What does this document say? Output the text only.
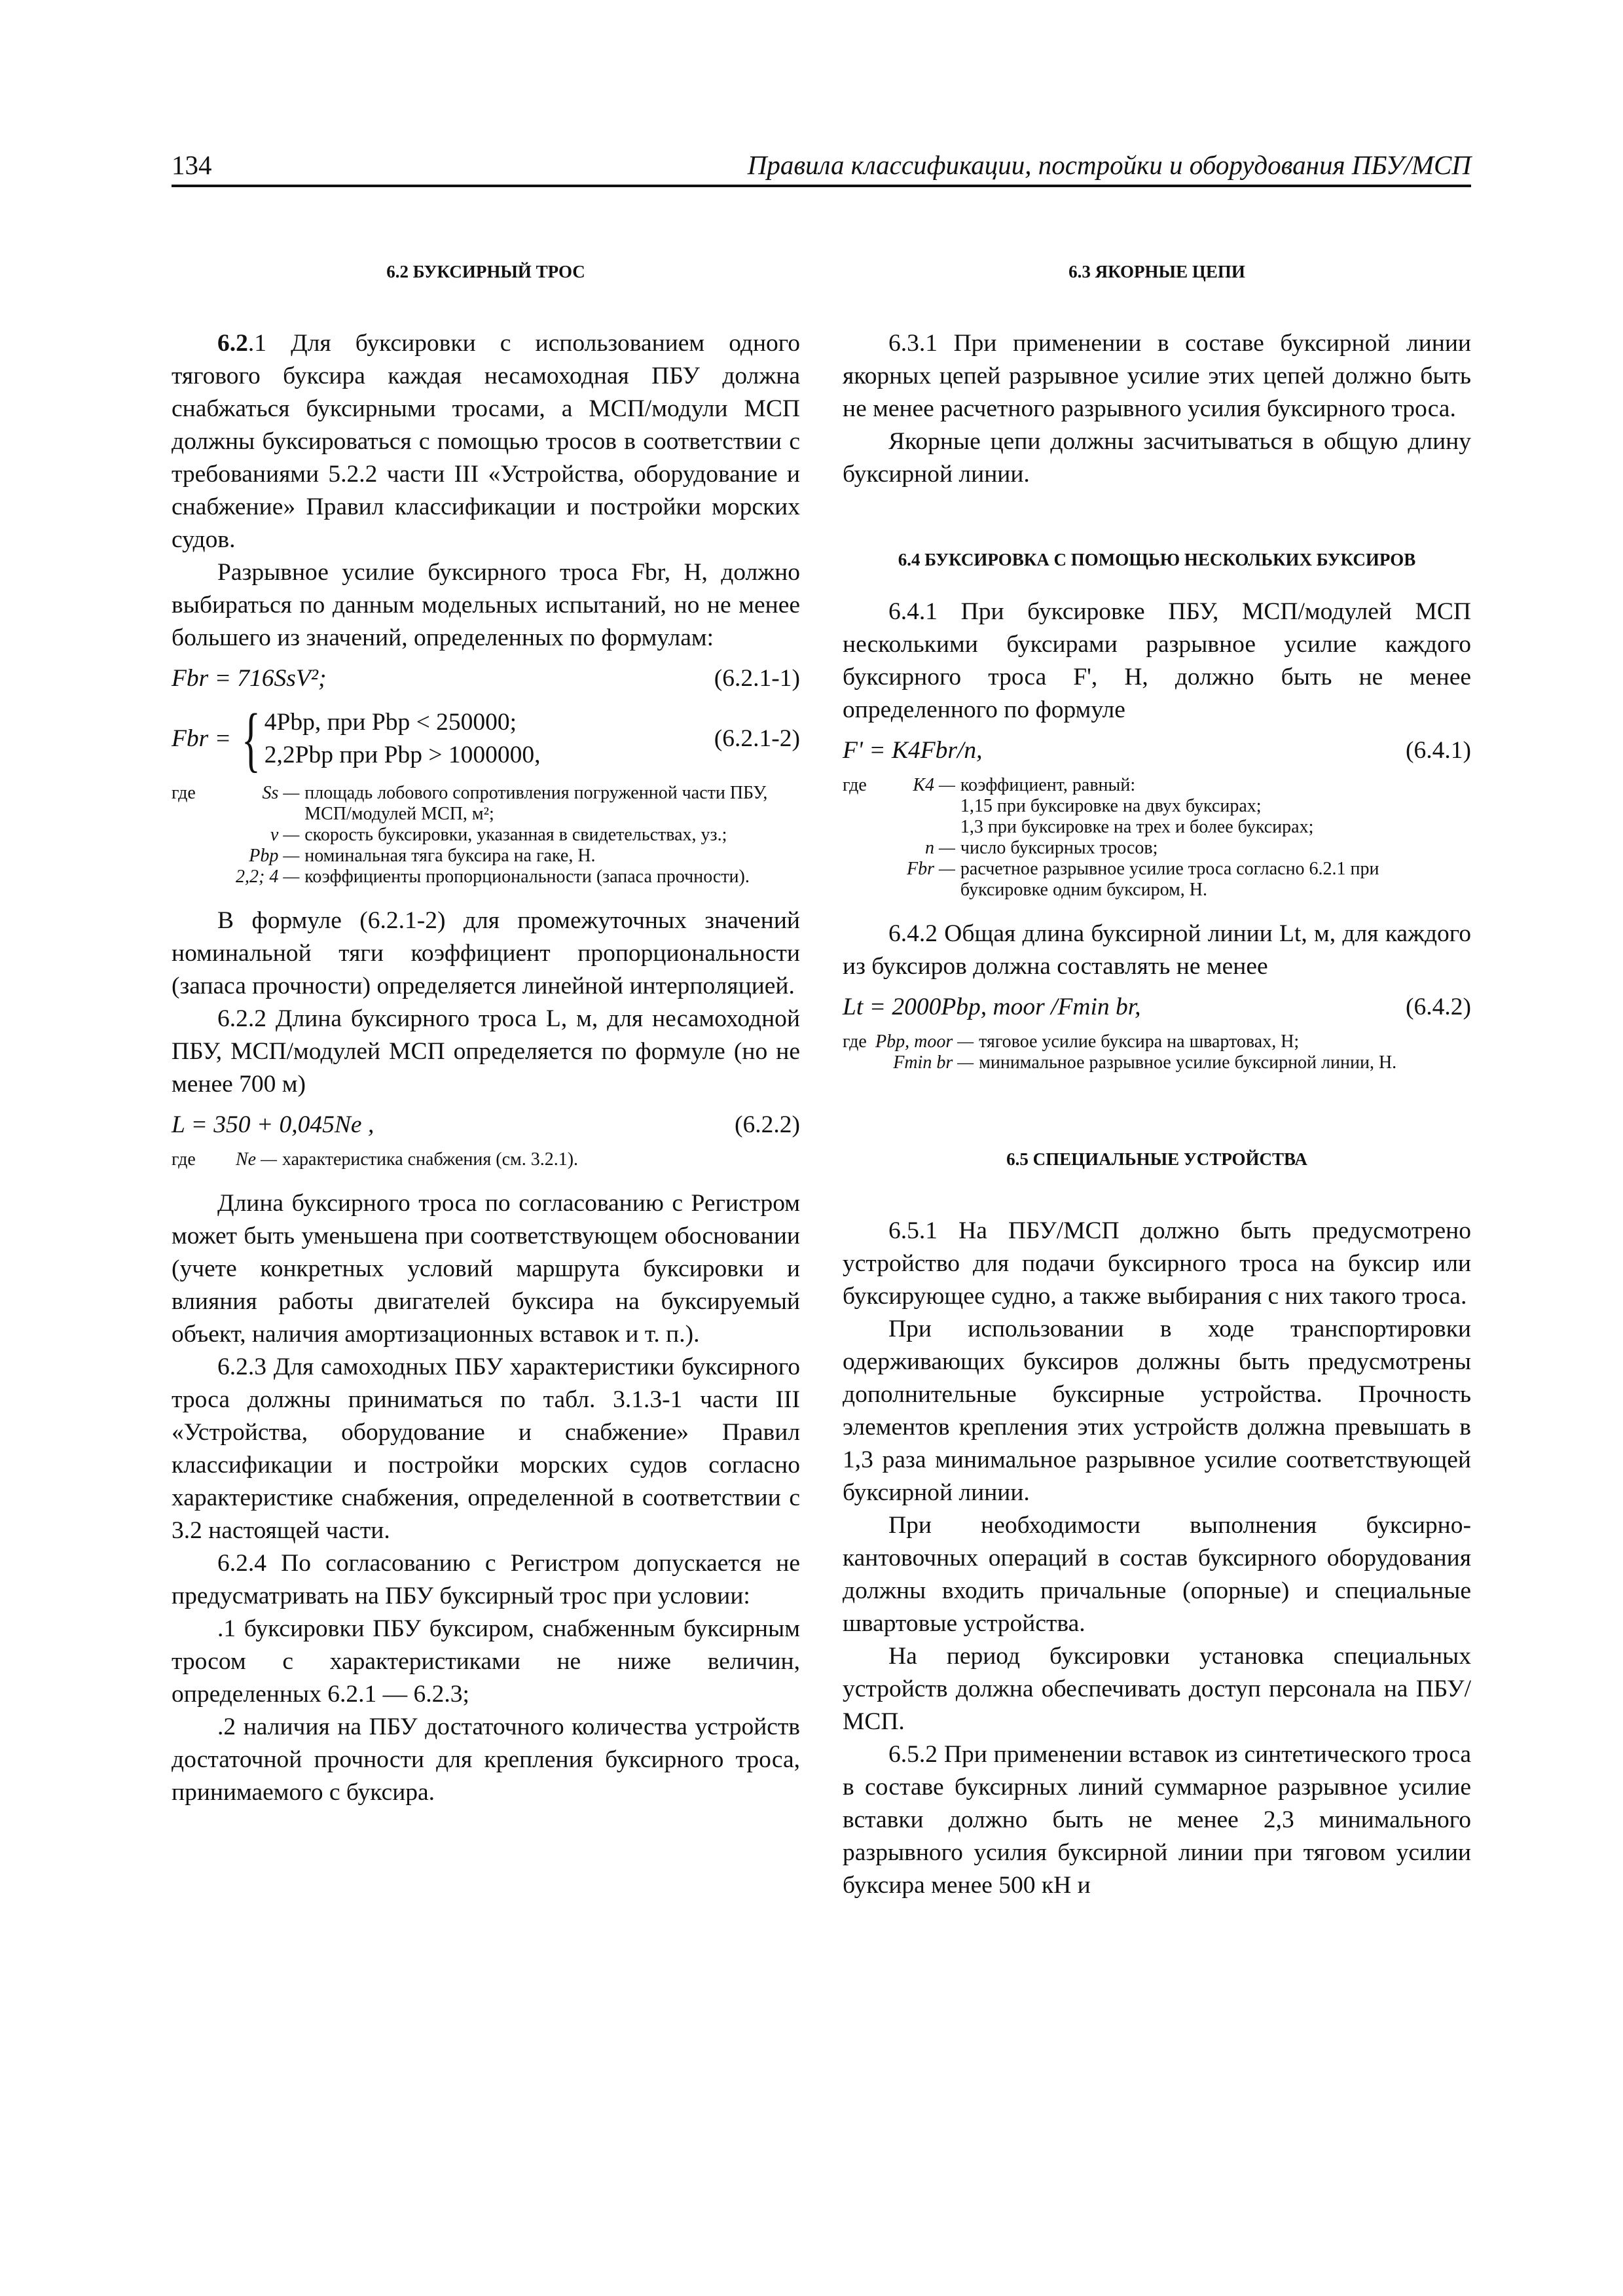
134	Правила классификации, постройки и оборудования ПБУ/МСП
6.2 БУКСИРНЫЙ ТРОС

6.2.1 Для буксировки с использованием одного тягового буксира каждая несамоходная ПБУ должна снабжаться буксирными тросами, а МСП/модули МСП должны буксироваться с помощью тросов в соответствии с требованиями 5.2.2 части III «Устройства, оборудование и снабжение» Правил классификации и постройки морских судов.

Разрывное усилие буксирного троса Fbr, Н, должно выбираться по данным модельных испытаний, но не менее большего из значений, определенных по формулам:

Fbr = 716SsV²;	(6.2.1-1)
Fbr = { 4Pbp, при Pbp < 250000;
2,2Pbp при Pbp > 1000000,
(6.2.1-2)
где	Ss —	площадь лобового сопротивления погруженной части ПБУ, МСП/модулей МСП, м²;
	v —	скорость буксировки, указанная в свидетельствах, уз.;
	Pbp —	номинальная тяга буксира на гаке, Н.
	2,2; 4 —	коэффициенты пропорциональности (запаса прочности).

В формуле (6.2.1-2) для промежуточных значений номинальной тяги коэффициент пропорциональности (запаса прочности) определяется линейной интерполяцией.

6.2.2 Длина буксирного троса L, м, для несамоходной ПБУ, МСП/модулей МСП определяется по формуле (но не менее 700 м)

L = 350 + 0,045Ne ,	(6.2.2)
где	Ne —	характеристика снабжения (см. 3.2.1).

Длина буксирного троса по согласованию с Регистром может быть уменьшена при соответствующем обосновании (учете конкретных условий маршрута буксировки и влияния работы двигателей буксира на буксируемый объект, наличия амортизационных вставок и т. п.).

6.2.3 Для самоходных ПБУ характеристики буксирного троса должны приниматься по табл. 3.1.3-1 части III «Устройства, оборудование и снабжение» Правил классификации и постройки морских судов согласно характеристике снабжения, определенной в соответствии с 3.2 настоящей части.

6.2.4 По согласованию с Регистром допускается не предусматривать на ПБУ буксирный трос при условии:

.1 буксировки ПБУ буксиром, снабженным буксирным тросом с характеристиками не ниже величин, определенных 6.2.1 — 6.2.3;

.2 наличия на ПБУ достаточного количества устройств достаточной прочности для крепления буксирного троса, принимаемого с буксира.

6.3 ЯКОРНЫЕ ЦЕПИ

6.3.1 При применении в составе буксирной линии якорных цепей разрывное усилие этих цепей должно быть не менее расчетного разрывного усилия буксирного троса.

Якорные цепи должны засчитываться в общую длину буксирной линии.

6.4 БУКСИРОВКА С ПОМОЩЬЮ НЕСКОЛЬКИХ БУКСИРОВ

6.4.1 При буксировке ПБУ, МСП/модулей МСП несколькими буксирами разрывное усилие каждого буксирного троса F', Н, должно быть не менее определенного по формуле

F' = K4Fbr/n,	(6.4.1)
где	K4 —	коэффициент, равный:
		1,15 при буксировке на двух буксирах;
		1,3 при буксировке на трех и более буксирах;
	n —	число буксирных тросов;
	Fbr —	расчетное разрывное усилие троса согласно 6.2.1 при буксировке одним буксиром, Н.

6.4.2 Общая длина буксирной линии Lt, м, для каждого из буксиров должна составлять не менее

Lt = 2000Pbp, moor /Fmin br,	(6.4.2)
где	Pbp, moor —	тяговое усилие буксира на швартовах, Н;
	Fmin br —	минимальное разрывное усилие буксирной линии, Н.
6.5 СПЕЦИАЛЬНЫЕ УСТРОЙСТВА

6.5.1 На ПБУ/МСП должно быть предусмотрено устройство для подачи буксирного троса на буксир или буксирующее судно, а также выбирания с них такого троса.

При использовании в ходе транспортировки одерживающих буксиров должны быть предусмотрены дополнительные буксирные устройства. Прочность элементов крепления этих устройств должна превышать в 1,3 раза минимальное разрывное усилие соответствующей буксирной линии.

При необходимости выполнения буксирно-кантовочных операций в состав буксирного оборудования должны входить причальные (опорные) и специальные швартовые устройства.

На период буксировки установка специальных устройств должна обеспечивать доступ персонала на ПБУ/МСП.

6.5.2 При применении вставок из синтетического троса в составе буксирных линий суммарное разрывное усилие вставки должно быть не менее 2,3 минимального разрывного усилия буксирной линии при тяговом усилии буксира менее 500 кН и
